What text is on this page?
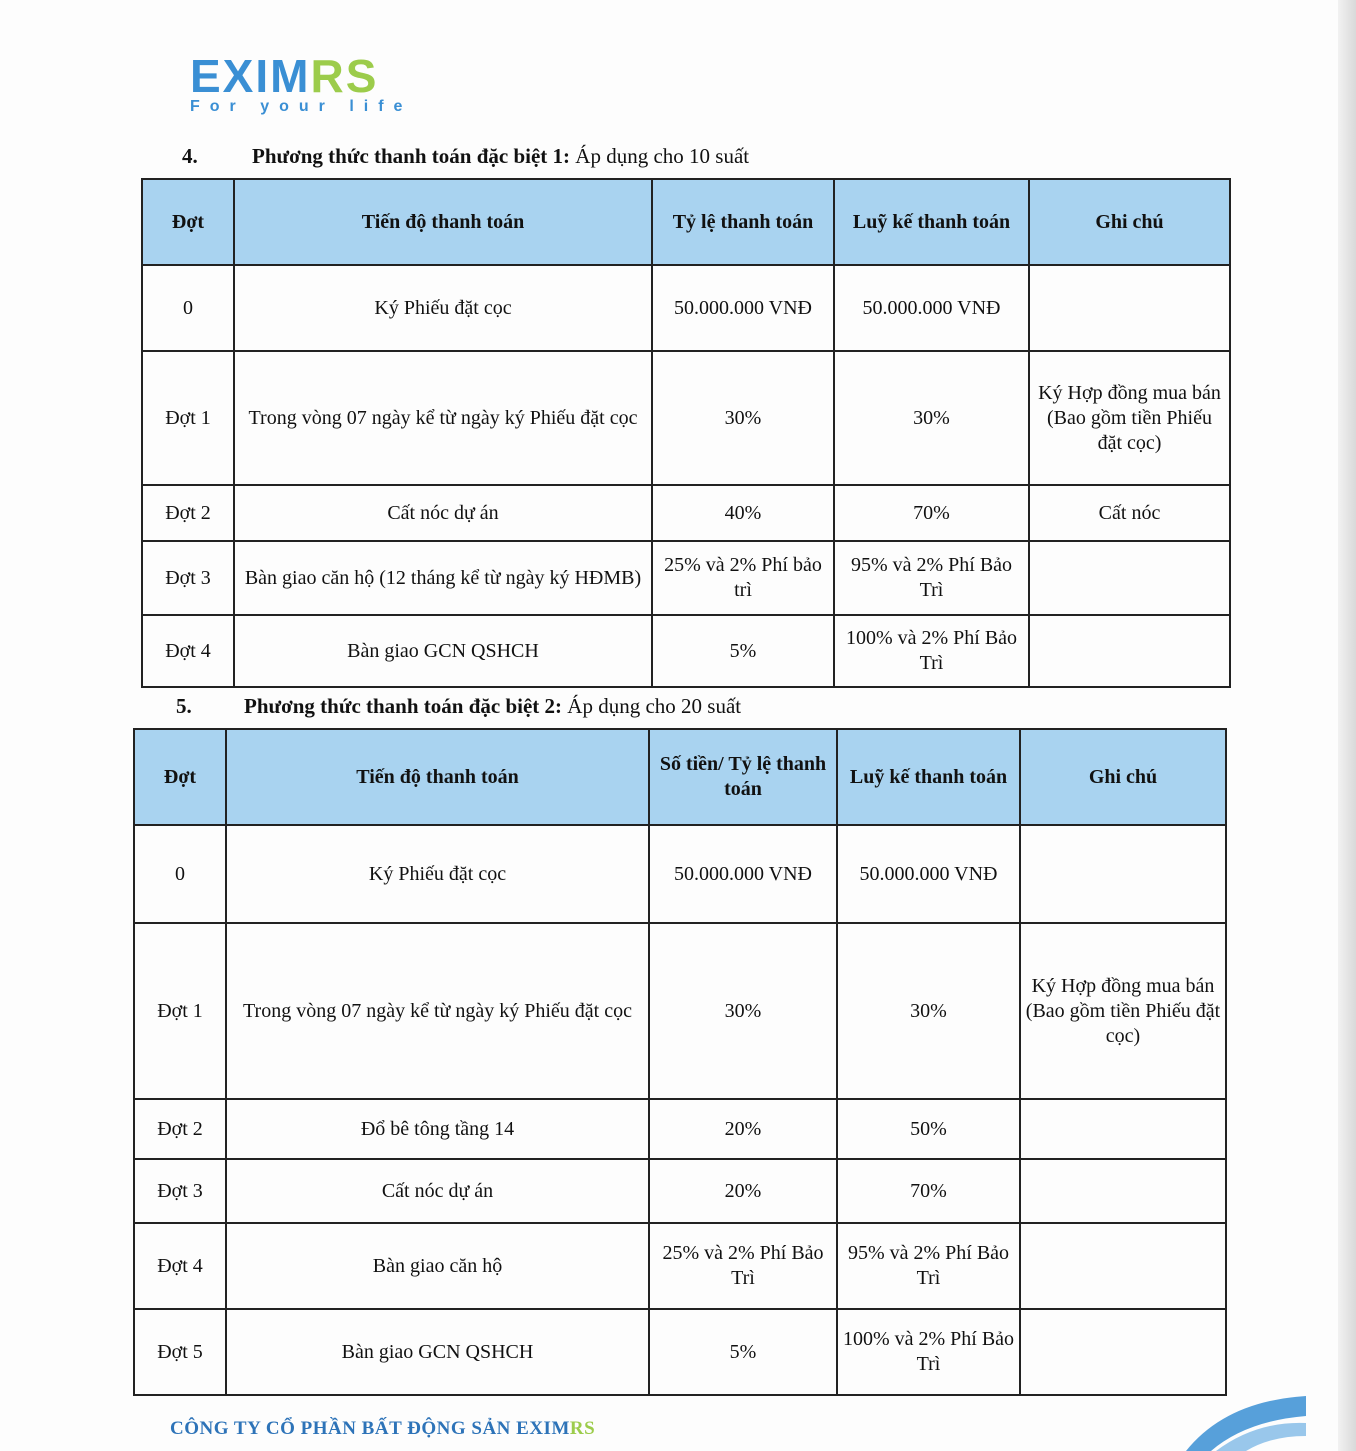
EXIMRS
For your life
4.	Phương thức thanh toán đặc biệt 1: Áp dụng cho 10 suất
Đợt	Tiến độ thanh toán	Tỷ lệ thanh toán	Luỹ kế thanh toán	Ghi chú
0	Ký Phiếu đặt cọc	50.000.000 VNĐ	50.000.000 VNĐ	
Đợt 1	Trong vòng 07 ngày kể từ ngày ký Phiếu đặt cọc	30%	30%	Ký Hợp đồng mua bán (Bao gồm tiền Phiếu đặt cọc)
Đợt 2	Cất nóc dự án	40%	70%	Cất nóc
Đợt 3	Bàn giao căn hộ (12 tháng kể từ ngày ký HĐMB)	25% và 2% Phí bảo trì	95% và 2% Phí Bảo Trì	
Đợt 4	Bàn giao GCN QSHCH	5%	100% và 2% Phí Bảo Trì	
5. Phương thức thanh toán đặc biệt 2: Áp dụng cho 20 suất
Đợt	Tiến độ thanh toán	Số tiền/ Tỷ lệ thanh toán	Luỹ kế thanh toán	Ghi chú
0	Ký Phiếu đặt cọc	50.000.000 VNĐ	50.000.000 VNĐ	
Đợt 1	Trong vòng 07 ngày kể từ ngày ký Phiếu đặt cọc	30%	30%	Ký Hợp đồng mua bán (Bao gồm tiền Phiếu đặt cọc)
Đợt 2	Đổ bê tông tầng 14	20%	50%	
Đợt 3	Cất nóc dự án	20%	70%	
Đợt 4	Bàn giao căn hộ	25% và 2% Phí Bảo Trì	95% và 2% Phí Bảo Trì	
Đợt 5	Bàn giao GCN QSHCH	5%	100% và 2% Phí Bảo Trì	
CÔNG TY CỔ PHẦN BẤT ĐỘNG SẢN EXIMRS
